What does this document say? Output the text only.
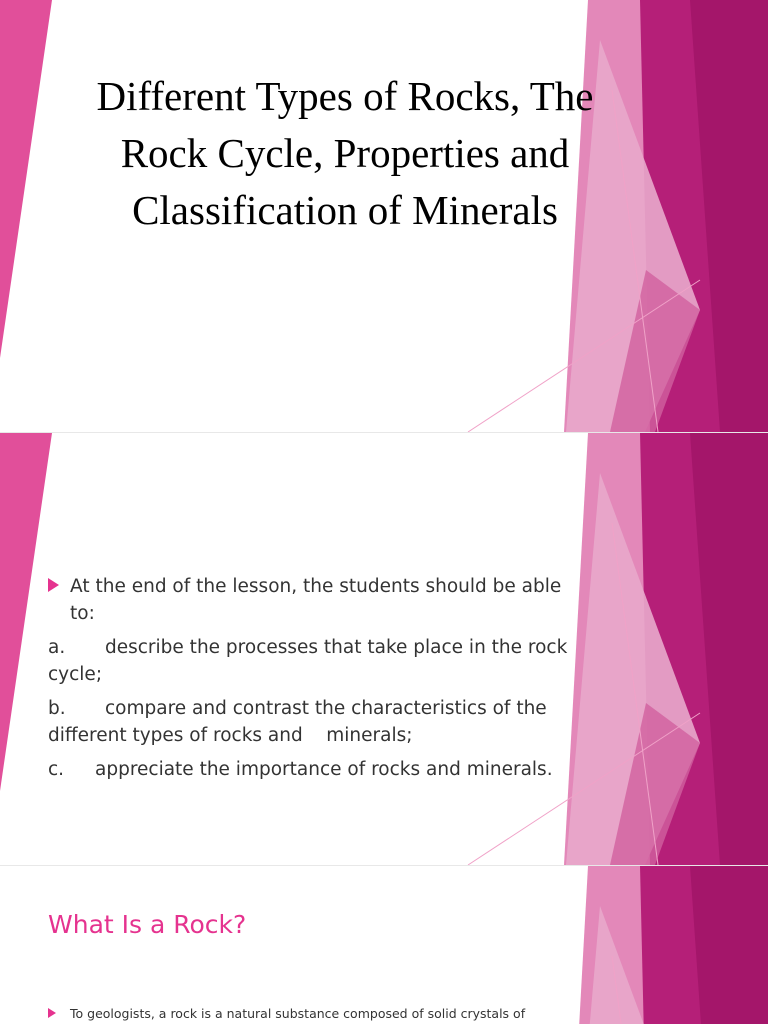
Different Types of Rocks, The
Rock Cycle, Properties and
Classification of Minerals
At the end of the lesson, the students should be able to:
a. describe the processes that take place in the rock cycle;
b. compare and contrast the characteristics of the different types of rocks and    minerals;
c. appreciate the importance of rocks and minerals.
What Is a Rock?
To geologists, a rock is a natural substance composed of solid crystals of
